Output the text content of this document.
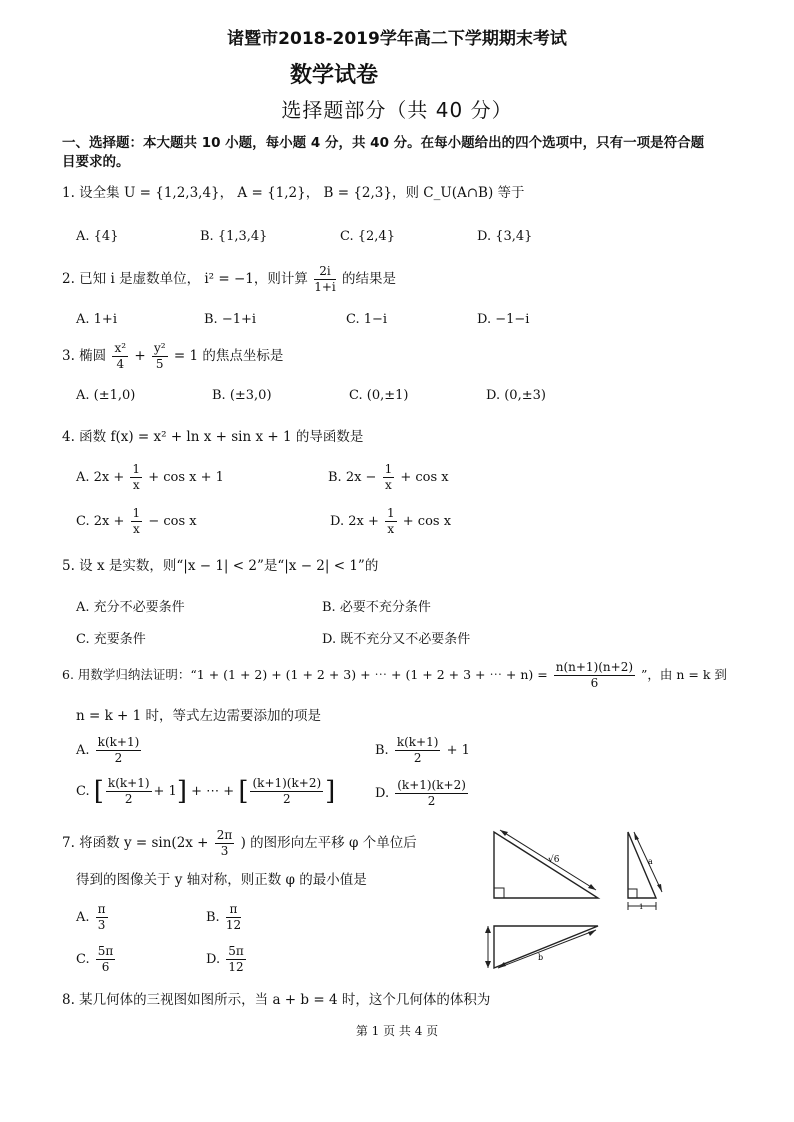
诸暨市2018-2019学年高二下学期期末考试
数学试卷
选择题部分（共 40 分）
一、选择题：本大题共 10 小题，每小题 4 分，共 40 分。在每小题给出的四个选项中，只有一项是符合题
目要求的。
1. 设全集 U = {1,2,3,4}， A = {1,2}， B = {2,3}，则 C_U(A∩B) 等于
A. {4}	B. {1,3,4}	C. {2,4}	D. {3,4}
2. 已知 i 是虚数单位， i² = −1，则计算 $\frac{2i}{1+i}$ 的结果是
A. 1+i	B. −1+i	C. 1−i	D. −1−i
3. 椭圆 $\frac{\text{x²}}{4} + \frac{\text{y²}}{5} = 1$ 的焦点坐标是
A. (±1,0)	B. (±3,0)	C. (0,±1)	D. (0,±3)
4. 函数 f(x) = x² + ln x + sin x + 1 的导函数是
A. $2x + \frac{1}{x} + \cos x + 1$	B. $2x - \frac{1}{x} + \cos x$
C. $2x + \frac{1}{x} - \cos x$	D. $2x + \frac{1}{x} + \cos x$
5. 设 x 是实数，则“|x − 1| < 2”是“|x − 2| < 1”的
A. 充分不必要条件	B. 必要不充分条件
C. 充要条件	D. 既不充分又不必要条件
6. 用数学归纳法证明：“1 + (1 + 2) + (1 + 2 + 3) + ⋯ + (1 + 2 + 3 + ⋯ + $n) = \frac{n(n+1)(n+2)}{6}$ ”，由 n = k 到
n = k + 1 时，等式左边需要添加的项是
A. $\frac{k(k+1)}{2}$	B. $\frac{k(k+1)}{2} + 1$
C. [ $\frac{k(k+1)}{2} + 1$] + ⋯ + [ $\frac{(k+1)(k+2)}{2}$ ]	D. $\frac{(k+1)(k+2)}{2}$
7. 将函数 $y = \sin(2x + \frac{2\pi}{3}$ ) 的图形向左平移 φ 个单位后
得到的图像关于 y 轴对称，则正数 φ 的最小值是
A. $\frac{\pi}{3}$	B. $\frac{\pi}{12}$
C. $\frac{5\pi}{6}$	D. $\frac{5\pi}{12}$
8. 某几何体的三视图如图所示，当 a + b = 4 时，这个几何体的体积为
√6	a
1
b
第 1 页 共 4 页
